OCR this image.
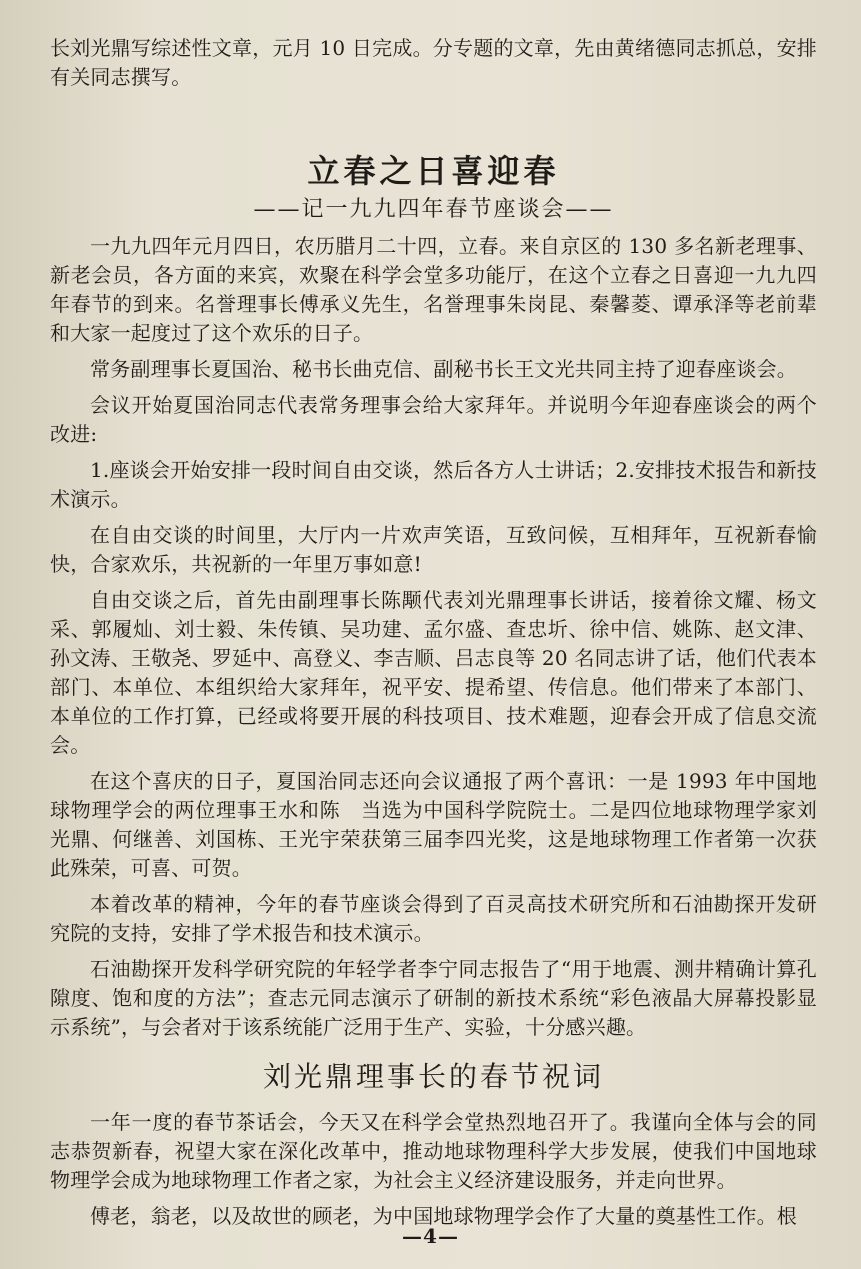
长刘光鼎写综述性文章，元月 10 日完成。分专题的文章，先由黄绪德同志抓总，安排有关同志撰写。

立春之日喜迎春
——记一九九四年春节座谈会——

一九九四年元月四日，农历腊月二十四，立春。来自京区的 130 多名新老理事、新老会员，各方面的来宾，欢聚在科学会堂多功能厅，在这个立春之日喜迎一九九四年春节的到来。名誉理事长傅承义先生，名誉理事朱岗昆、秦馨菱、谭承泽等老前辈和大家一起度过了这个欢乐的日子。

常务副理事长夏国治、秘书长曲克信、副秘书长王文光共同主持了迎春座谈会。

会议开始夏国治同志代表常务理事会给大家拜年。并说明今年迎春座谈会的两个改进:

1.座谈会开始安排一段时间自由交谈，然后各方人士讲话；2.安排技术报告和新技术演示。

在自由交谈的时间里，大厅内一片欢声笑语，互致问候，互相拜年，互祝新春愉快，合家欢乐，共祝新的一年里万事如意!

自由交谈之后，首先由副理事长陈颙代表刘光鼎理事长讲话，接着徐文耀、杨文采、郭履灿、刘士毅、朱传镇、吴功建、孟尔盛、查忠圻、徐中信、姚陈、赵文津、孙文涛、王敬尧、罗延中、高登义、李吉顺、吕志良等 20 名同志讲了话，他们代表本部门、本单位、本组织给大家拜年，祝平安、提希望、传信息。他们带来了本部门、本单位的工作打算，已经或将要开展的科技项目、技术难题，迎春会开成了信息交流会。

在这个喜庆的日子，夏国治同志还向会议通报了两个喜讯：一是 1993 年中国地球物理学会的两位理事王水和陈　当选为中国科学院院士。二是四位地球物理学家刘光鼎、何继善、刘国栋、王光宇荣获第三届李四光奖，这是地球物理工作者第一次获此殊荣，可喜、可贺。

本着改革的精神，今年的春节座谈会得到了百灵高技术研究所和石油勘探开发研究院的支持，安排了学术报告和技术演示。

石油勘探开发科学研究院的年轻学者李宁同志报告了“用于地震、测井精确计算孔隙度、饱和度的方法”；查志元同志演示了研制的新技术系统“彩色液晶大屏幕投影显示系统”，与会者对于该系统能广泛用于生产、实验，十分感兴趣。

刘光鼎理事长的春节祝词

一年一度的春节茶话会，今天又在科学会堂热烈地召开了。我谨向全体与会的同志恭贺新春，祝望大家在深化改革中，推动地球物理科学大步发展，使我们中国地球物理学会成为地球物理工作者之家，为社会主义经济建设服务，并走向世界。

傅老，翁老，以及故世的顾老，为中国地球物理学会作了大量的奠基性工作。根

—4—
